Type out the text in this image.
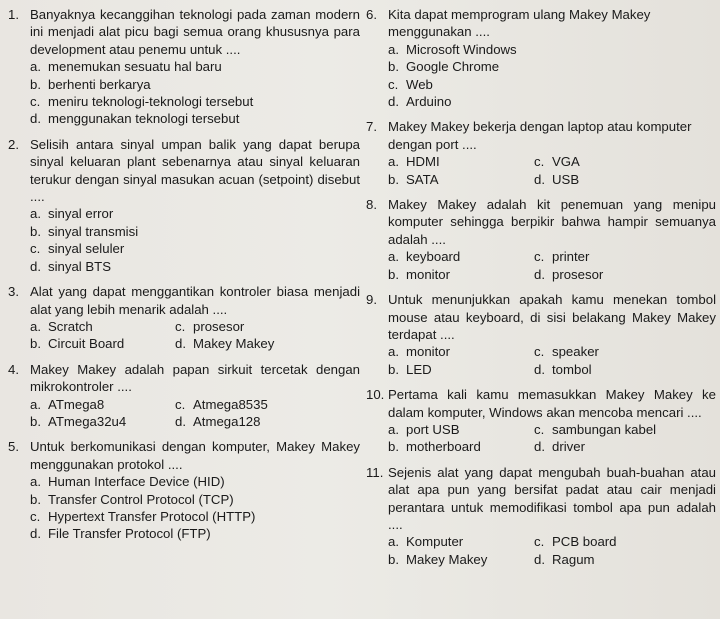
1. Banyaknya kecanggihan teknologi pada zaman modern ini menjadi alat picu bagi semua orang khususnya para development atau penemu untuk ....
a. menemukan sesuatu hal baru
b. berhenti berkarya
c. meniru teknologi-teknologi tersebut
d. menggunakan teknologi tersebut
2. Selisih antara sinyal umpan balik yang dapat berupa sinyal keluaran plant sebenarnya atau sinyal keluaran terukur dengan sinyal masukan acuan (setpoint) disebut ....
a. sinyal error
b. sinyal transmisi
c. sinyal seluler
d. sinyal BTS
3. Alat yang dapat menggantikan kontroler biasa menjadi alat yang lebih menarik adalah ....
a. Scratch	c. prosesor
b. Circuit Board	d. Makey Makey
4. Makey Makey adalah papan sirkuit tercetak dengan mikrokontroler ....
a. ATmega8	c. Atmega8535
b. ATmega32u4	d. Atmega128
5. Untuk berkomunikasi dengan komputer, Makey Makey menggunakan protokol ....
a. Human Interface Device (HID)
b. Transfer Control Protocol (TCP)
c. Hypertext Transfer Protocol (HTTP)
d. File Transfer Protocol (FTP)
6. Kita dapat memprogram ulang Makey Makey menggunakan ....
a. Microsoft Windows
b. Google Chrome
c. Web
d. Arduino
7. Makey Makey bekerja dengan laptop atau komputer dengan port ....
a. HDMI	c. VGA
b. SATA	d. USB
8. Makey Makey adalah kit penemuan yang menipu komputer sehingga berpikir bahwa hampir semuanya adalah ....
a. keyboard	c. printer
b. monitor	d. prosesor
9. Untuk menunjukkan apakah kamu menekan tombol mouse atau keyboard, di sisi belakang Makey Makey terdapat ....
a. monitor	c. speaker
b. LED	d. tombol
10. Pertama kali kamu memasukkan Makey Makey ke dalam komputer, Windows akan mencoba mencari ....
a. port USB	c. sambungan kabel
b. motherboard	d. driver
11. Sejenis alat yang dapat mengubah buah-buahan atau alat apa pun yang bersifat padat atau cair menjadi perantara untuk memodifikasi tombol apa pun adalah ....
a. Komputer	c. PCB board
b. Makey Makey	d. Ragum
